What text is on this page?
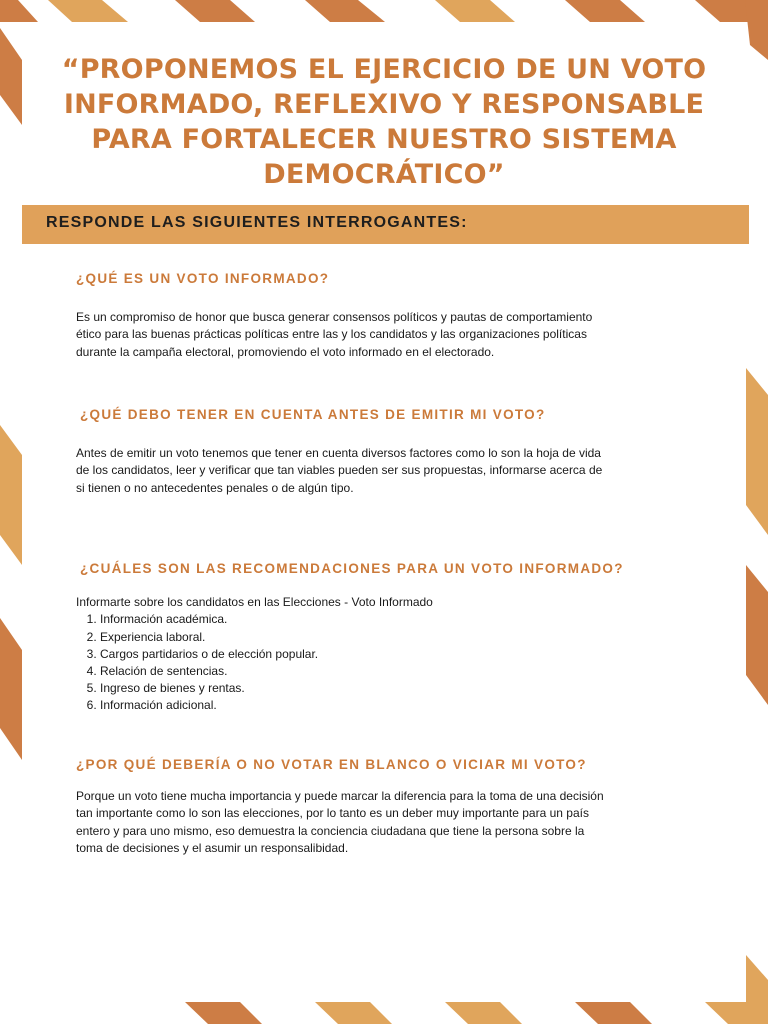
“PROPONEMOS EL EJERCICIO DE UN VOTO
INFORMADO, REFLEXIVO Y RESPONSABLE
PARA FORTALECER NUESTRO SISTEMA
DEMOCRÁTICO”
RESPONDE LAS SIGUIENTES INTERROGANTES:
¿QUÉ ES UN VOTO INFORMADO?
Es un compromiso de honor que busca generar consensos políticos y pautas de comportamiento
ético para las buenas prácticas políticas entre las y los candidatos y las organizaciones políticas
durante la campaña electoral, promoviendo el voto informado en el electorado.
¿QUÉ DEBO TENER EN CUENTA ANTES DE EMITIR MI VOTO?
Antes de emitir un voto tenemos que tener en cuenta diversos factores como lo son la hoja de vida
de los candidatos, leer y verificar que tan viables pueden ser sus propuestas, informarse acerca de
si tienen o no antecedentes penales o de algún tipo.
¿CUÁLES SON LAS RECOMENDACIONES PARA UN VOTO INFORMADO?
Informarte sobre los candidatos en las Elecciones - Voto Informado
1. Información académica.
2. Experiencia laboral.
3. Cargos partidarios o de elección popular.
4. Relación de sentencias.
5. Ingreso de bienes y rentas.
6. Información adicional.
¿POR QUÉ DEBERÍA O NO VOTAR EN BLANCO O VICIAR MI VOTO?
Porque un voto tiene mucha importancia y puede marcar la diferencia para la toma de una decisión
tan importante como lo son las elecciones, por lo tanto es un deber muy importante para un país
entero y para uno mismo, eso demuestra la conciencia ciudadana que tiene la persona sobre la
toma de decisiones y el asumir un responsalibidad.
